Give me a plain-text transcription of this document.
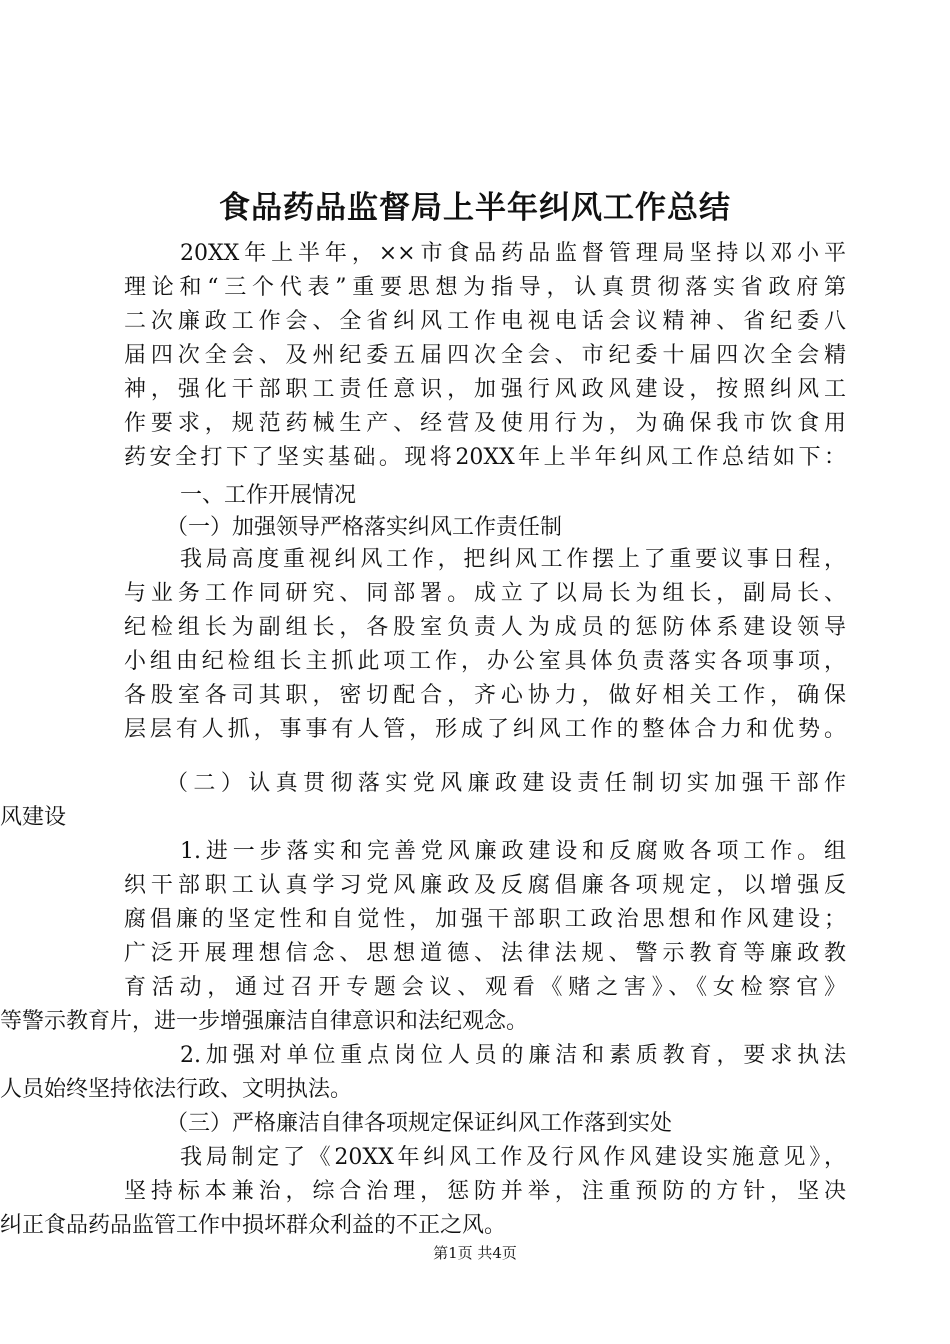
食品药品监督局上半年纠风工作总结
20XX年上半年，××市食品药品监督管理局坚持以邓小平
理论和“三个代表”重要思想为指导，认真贯彻落实省政府第
二次廉政工作会、全省纠风工作电视电话会议精神、省纪委八
届四次全会、及州纪委五届四次全会、市纪委十届四次全会精
神，强化干部职工责任意识，加强行风政风建设，按照纠风工
作要求，规范药械生产、经营及使用行为，为确保我市饮食用
药安全打下了坚实基础。现将20XX年上半年纠风工作总结如下：
一、工作开展情况
（一）加强领导严格落实纠风工作责任制
我局高度重视纠风工作，把纠风工作摆上了重要议事日程，
与业务工作同研究、同部署。成立了以局长为组长，副局长、
纪检组长为副组长，各股室负责人为成员的惩防体系建设领导
小组由纪检组长主抓此项工作，办公室具体负责落实各项事项，
各股室各司其职，密切配合，齐心协力，做好相关工作，确保
层层有人抓，事事有人管，形成了纠风工作的整体合力和优势。
（二）认真贯彻落实党风廉政建设责任制切实加强干部作
风建设
1.进一步落实和完善党风廉政建设和反腐败各项工作。组
织干部职工认真学习党风廉政及反腐倡廉各项规定，以增强反
腐倡廉的坚定性和自觉性，加强干部职工政治思想和作风建设；
广泛开展理想信念、思想道德、法律法规、警示教育等廉政教
育活动，通过召开专题会议、观看《赌之害》、《女检察官》
等警示教育片，进一步增强廉洁自律意识和法纪观念。
2.加强对单位重点岗位人员的廉洁和素质教育，要求执法
人员始终坚持依法行政、文明执法。
（三）严格廉洁自律各项规定保证纠风工作落到实处
我局制定了《20XX年纠风工作及行风作风建设实施意见》，
坚持标本兼治，综合治理，惩防并举，注重预防的方针，坚决
纠正食品药品监管工作中损坏群众利益的不正之风。
第1页 共4页
